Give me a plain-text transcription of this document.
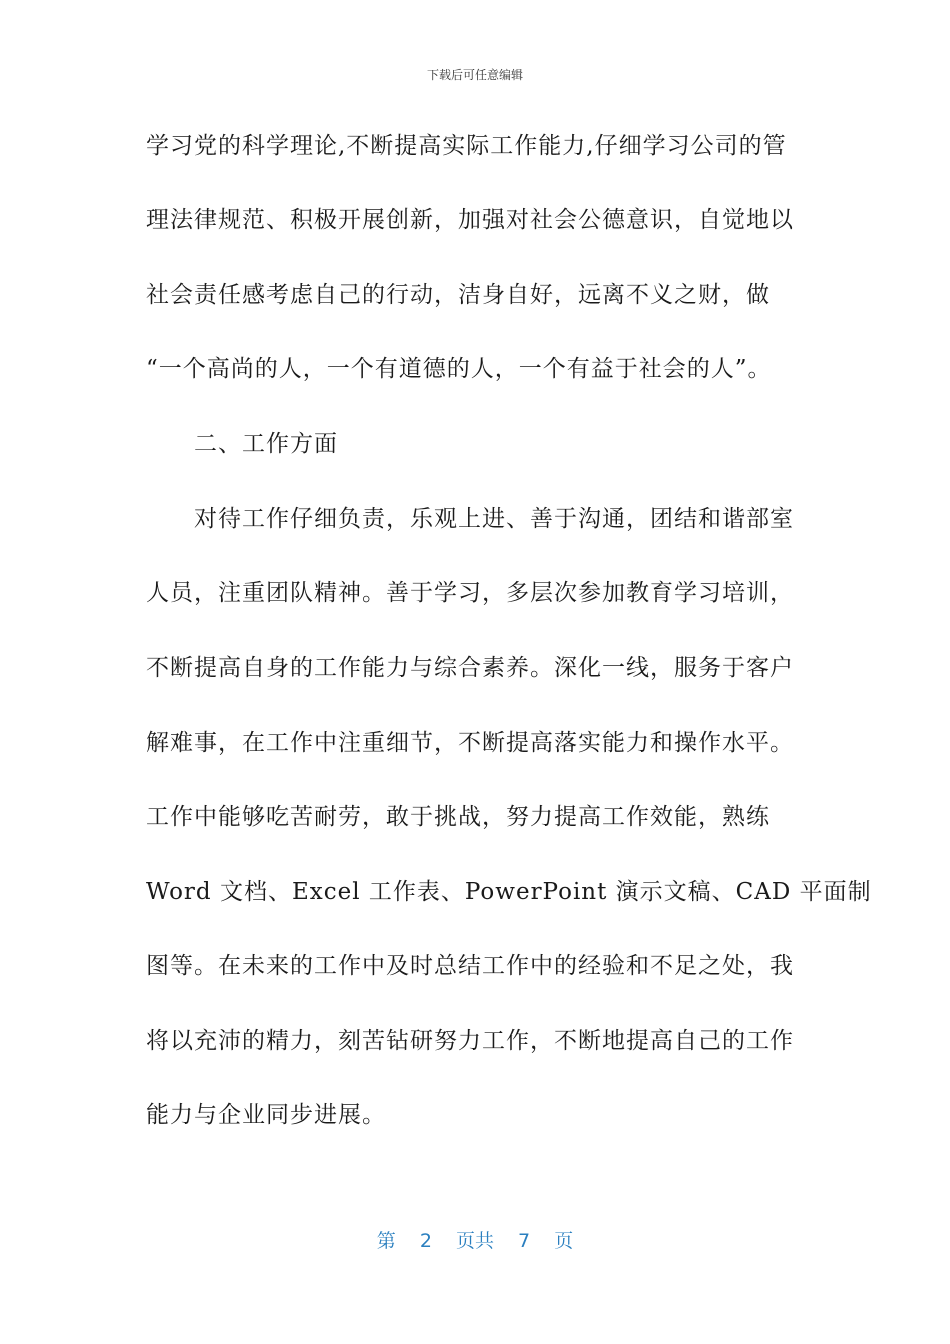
下载后可任意编辑
学习党的科学理论,不断提高实际工作能力,仔细学习公司的管
理法律规范、积极开展创新，加强对社会公德意识，自觉地以
社会责任感考虑自己的行动，洁身自好，远离不义之财，做
“一个高尚的人，一个有道德的人，一个有益于社会的人”。
二、工作方面
对待工作仔细负责，乐观上进、善于沟通，团结和谐部室
人员，注重团队精神。善于学习，多层次参加教育学习培训，
不断提高自身的工作能力与综合素养。深化一线，服务于客户
解难事，在工作中注重细节，不断提高落实能力和操作水平。
工作中能够吃苦耐劳，敢于挑战，努力提高工作效能，熟练
Word 文档、Excel 工作表、PowerPoint 演示文稿、CAD 平面制
图等。在未来的工作中及时总结工作中的经验和不足之处，我
将以充沛的精力，刻苦钻研努力工作，不断地提高自己的工作
能力与企业同步进展。
第 2 页共 7 页
